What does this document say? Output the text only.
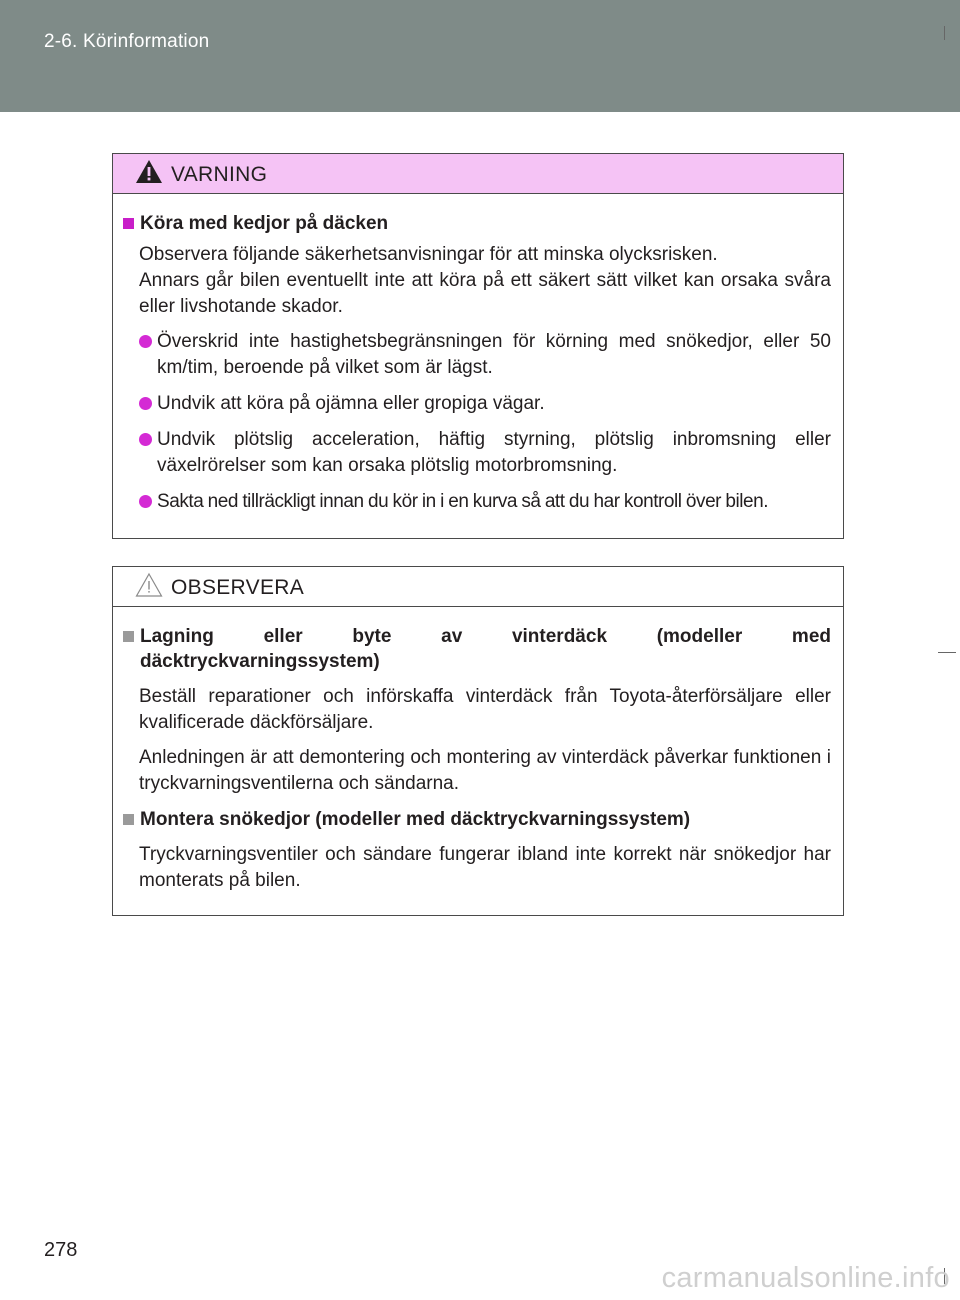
2-6. Körinformation
VARNING
Köra med kedjor på däcken
Observera följande säkerhetsanvisningar för att minska olycksrisken.
Annars går bilen eventuellt inte att köra på ett säkert sätt vilket kan orsaka svåra eller livshotande skador.
Överskrid inte hastighetsbegränsningen för körning med snökedjor, eller 50 km/tim, beroende på vilket som är lägst.
Undvik att köra på ojämna eller gropiga vägar.
Undvik plötslig acceleration, häftig styrning, plötslig inbromsning eller växelrörelser som kan orsaka plötslig motorbromsning.
Sakta ned tillräckligt innan du kör in i en kurva så att du har kontroll över bilen.
OBSERVERA
Lagning eller byte av vinterdäck (modeller med däcktryckvarningssystem)
Beställ reparationer och införskaffa vinterdäck från Toyota-återförsäljare eller kvalificerade däckförsäljare.
Anledningen är att demontering och montering av vinterdäck påverkar funktionen i tryckvarningsventilerna och sändarna.
Montera snökedjor (modeller med däcktryckvarningssystem)
Tryckvarningsventiler och sändare fungerar ibland inte korrekt när snökedjor har monterats på bilen.
278
carmanualsonline.info
